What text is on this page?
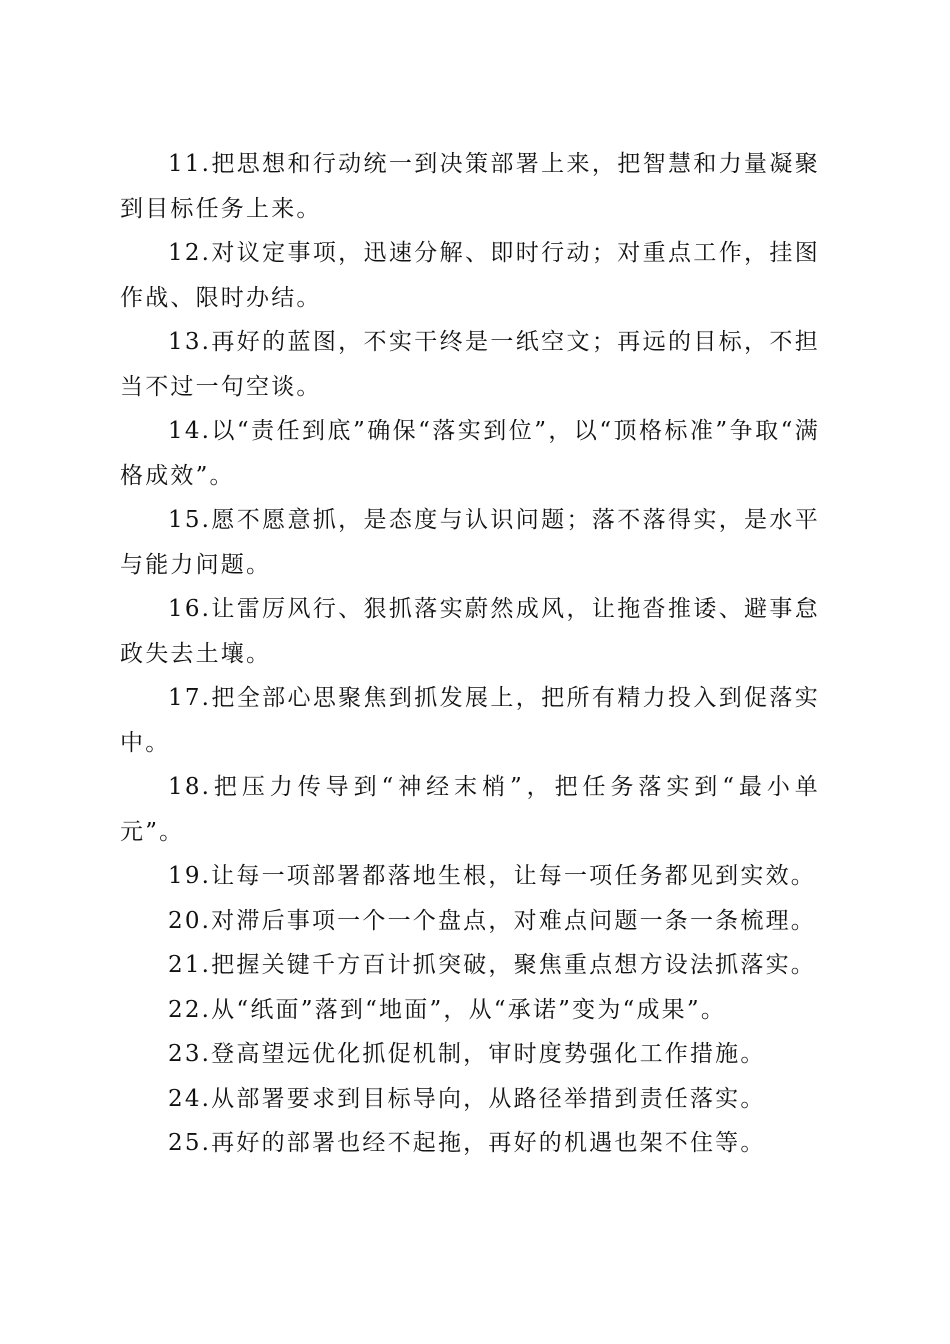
11.把思想和行动统一到决策部署上来，把智慧和力量凝聚到目标任务上来。

12.对议定事项，迅速分解、即时行动；对重点工作，挂图作战、限时办结。

13.再好的蓝图，不实干终是一纸空文；再远的目标，不担当不过一句空谈。

14.以“责任到底”确保“落实到位”，以“顶格标准”争取“满格成效”。

15.愿不愿意抓，是态度与认识问题；落不落得实，是水平与能力问题。

16.让雷厉风行、狠抓落实蔚然成风，让拖沓推诿、避事怠政失去土壤。

17.把全部心思聚焦到抓发展上，把所有精力投入到促落实中。

18.把压力传导到“神经末梢”，把任务落实到“最小单元”。

19.让每一项部署都落地生根，让每一项任务都见到实效。

20.对滞后事项一个一个盘点，对难点问题一条一条梳理。

21.把握关键千方百计抓突破，聚焦重点想方设法抓落实。

22.从“纸面”落到“地面”，从“承诺”变为“成果”。

23.登高望远优化抓促机制，审时度势强化工作措施。

24.从部署要求到目标导向，从路径举措到责任落实。

25.再好的部署也经不起拖，再好的机遇也架不住等。
